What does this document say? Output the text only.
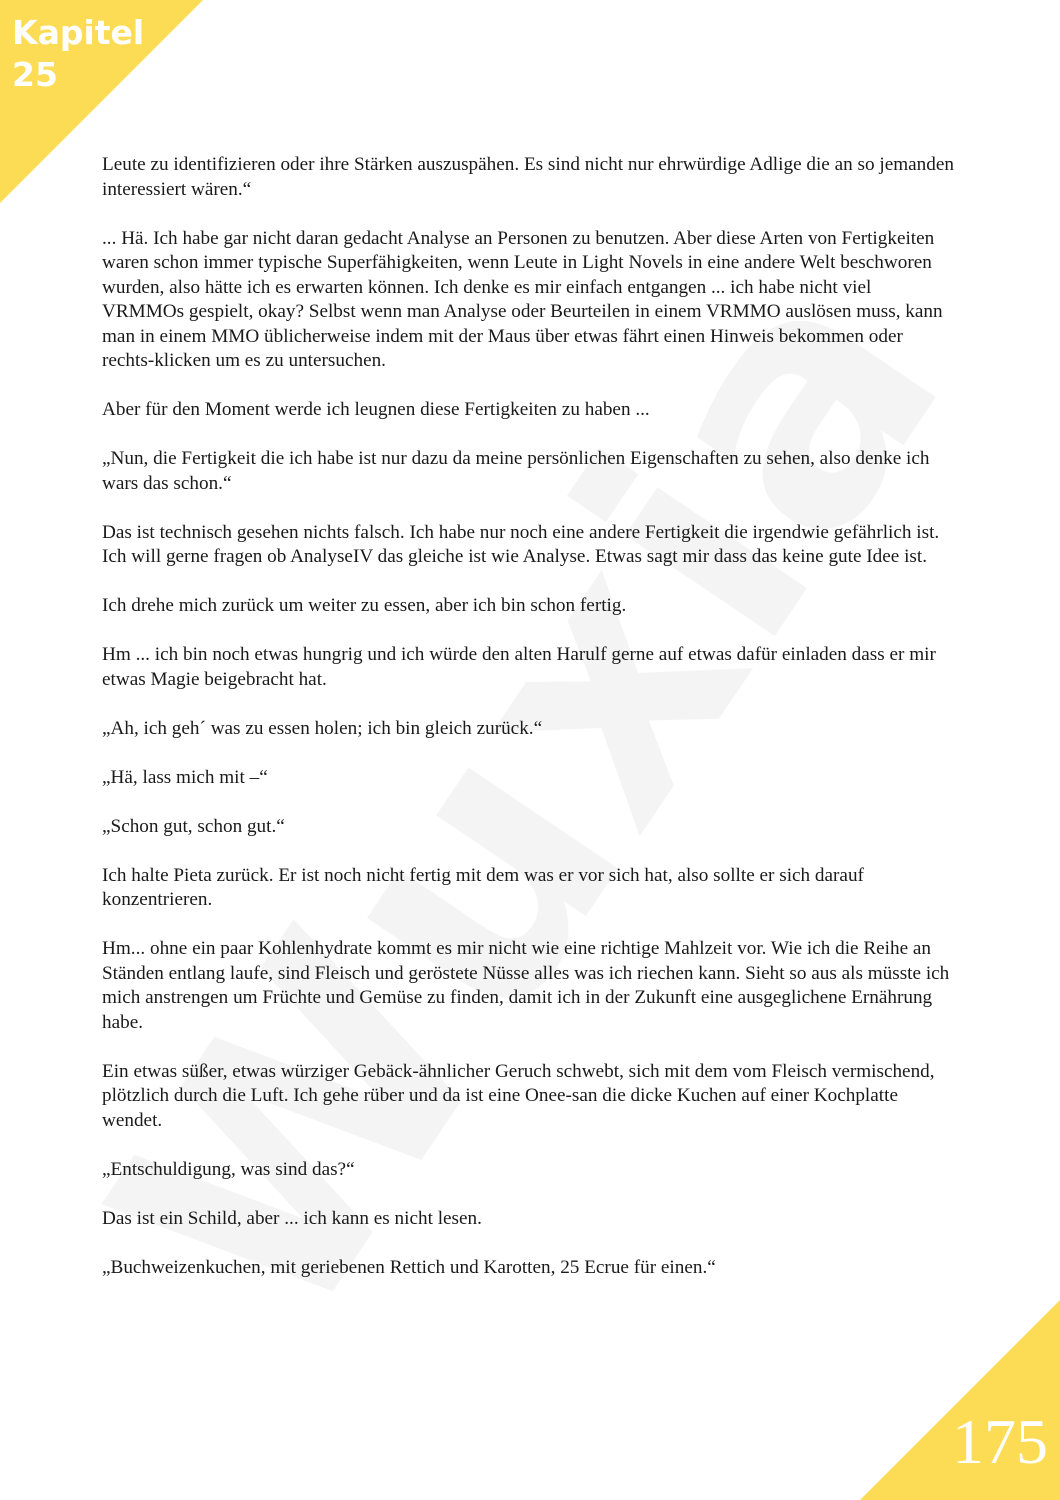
Kapitel
25

Leute zu identifizieren oder ihre Stärken auszuspähen. Es sind nicht nur ehrwürdige Adlige die an so jemanden interessiert wären.“

... Hä. Ich habe gar nicht daran gedacht Analyse an Personen zu benutzen. Aber diese Arten von Fertigkeiten waren schon immer typische Superfähigkeiten, wenn Leute in Light Novels in eine andere Welt beschworen wurden, also hätte ich es erwarten können. Ich denke es mir einfach entgangen ... ich habe nicht viel VRMMOs gespielt, okay? Selbst wenn man Analyse oder Beurteilen in einem VRMMO auslösen muss, kann man in einem MMO üblicherweise indem mit der Maus über etwas fährt einen Hinweis bekommen oder rechts-klicken um es zu untersuchen.

Aber für den Moment werde ich leugnen diese Fertigkeiten zu haben ...

„Nun, die Fertigkeit die ich habe ist nur dazu da meine persönlichen Eigenschaften zu sehen, also denke ich wars das schon.“

Das ist technisch gesehen nichts falsch. Ich habe nur noch eine andere Fertigkeit die irgendwie gefährlich ist. Ich will gerne fragen ob AnalyseIV das gleiche ist wie Analyse. Etwas sagt mir dass das keine gute Idee ist.

Ich drehe mich zurück um weiter zu essen, aber ich bin schon fertig.

Hm ... ich bin noch etwas hungrig und ich würde den alten Harulf gerne auf etwas dafür einladen dass er mir etwas Magie beigebracht hat.

„Ah, ich geh´ was zu essen holen; ich bin gleich zurück.“

„Hä, lass mich mit –“

„Schon gut, schon gut.“

Ich halte Pieta zurück. Er ist noch nicht fertig mit dem was er vor sich hat, also sollte er sich darauf konzentrieren.

Hm... ohne ein paar Kohlenhydrate kommt es mir nicht wie eine richtige Mahlzeit vor. Wie ich die Reihe an Ständen entlang laufe, sind Fleisch und geröstete Nüsse alles was ich riechen kann. Sieht so aus als müsste ich mich anstrengen um Früchte und Gemüse zu finden, damit ich in der Zukunft eine ausgeglichene Ernährung habe.

Ein etwas süßer, etwas würziger Gebäck-ähnlicher Geruch schwebt, sich mit dem vom Fleisch vermischend, plötzlich durch die Luft. Ich gehe rüber und da ist eine Onee-san die dicke Kuchen auf einer Kochplatte wendet.

„Entschuldigung, was sind das?“

Das ist ein Schild, aber ... ich kann es nicht lesen.

„Buchweizenkuchen, mit geriebenen Rettich und Karotten, 25 Ecrue für einen.“

175
